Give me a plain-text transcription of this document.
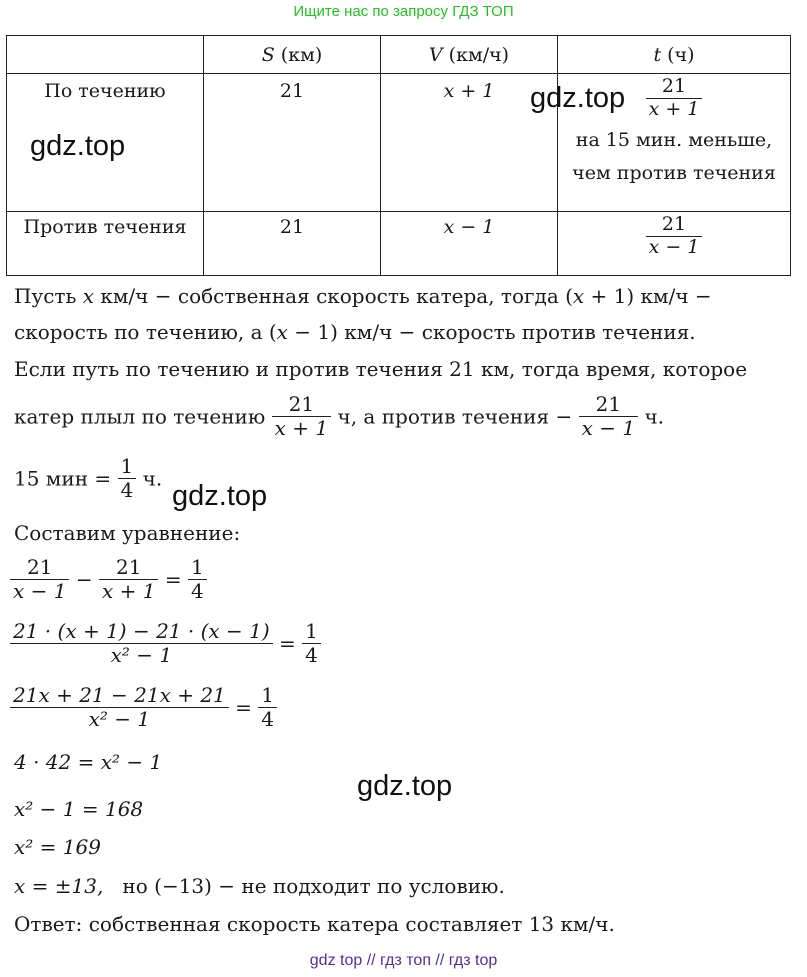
Ищите нас по запросу ГДЗ ТОП
	S (км)	V (км/ч)	t (ч)
По течению	21	x + 1	$\frac{21}{x + 1}$
на 15 мин. меньше,
чем против течения

Против течения	21	x − 1	$\frac{21}{x - 1}$
gdz.top
gdz.top
gdz.top
gdz.top
Пусть x км/ч − собственная скорость катера, тогда (x + 1) км/ч −
скорость по течению, а (x − 1) км/ч − скорость против течения.
Если путь по течению и против течения 21 км, тогда время, которое
катер плыл по течению $\frac{21}{x + 1} ч$, а против течения − $\frac{21}{x - 1} ч$.
15 мин = $\frac{1}{4} ч$.
Составим уравнение:
$\frac{21}{x - 1} - \frac{21}{x + 1} = \frac{1}{4}$
$\frac{21 \cdot (x + 1) - 21 \cdot (x - 1)}{\text{x² − 1}} = \frac{1}{4}$
$\frac{21x + 21 - 21x + 21}{\text{x² − 1}} = \frac{1}{4}$
4 · 42 = x² − 1
x² − 1 = 168
x² = 169
x = ±13, но (−13) − не подходит по условию.
Ответ: собственная скорость катера составляет 13 км/ч.
gdz top // гдз топ // гдз top
